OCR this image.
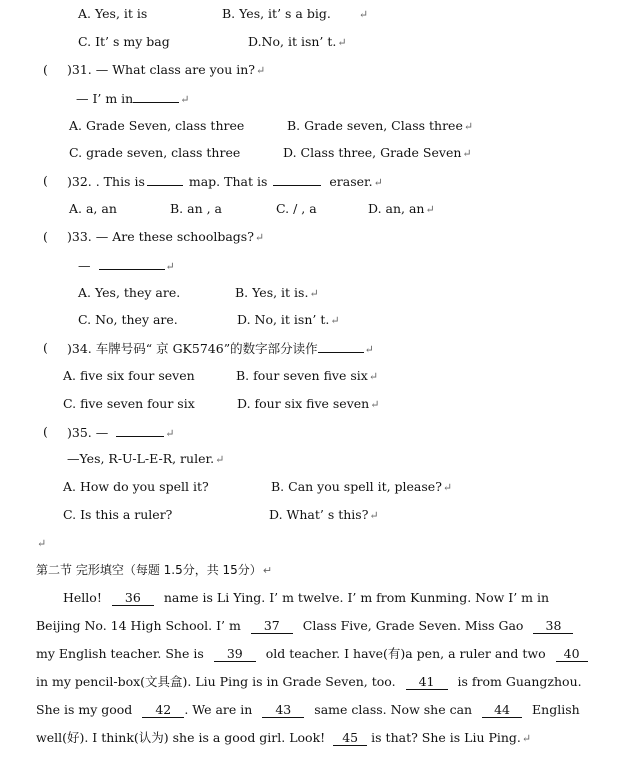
A. Yes, it is	B. Yes, it’ s a big.	↵
C. It’ s my bag	D.No, it isn’ t.↵
( )31. — What class are you in?↵
— I’ m in	↵
A. Grade Seven, class three	B. Grade seven, Class three↵
C. grade seven, class three	D. Class three, Grade Seven↵
( )32. . This is	map. That is	eraser.↵
A. a, an	B. an , a	C. / , a	D. an, an↵
( )33. — Are these schoolbags?↵
—	↵
A. Yes, they are.	B. Yes, it is.↵
C. No, they are.	D. No, it isn’ t.↵
( )34. 车牌号码“ 京 GK5746”的数字部分读作	↵
A. five six four seven	B. four seven five six↵
C. five seven four six	D. four six five seven↵
( )35. —	↵
—Yes, R-U-L-E-R, ruler.↵
A. How do you spell it?	B. Can you spell it, please?↵
C. Is this a ruler?	D. What’ s this?↵
↵
第二节 完形填空（每题 1.5分，共 15分）↵
Hello! 36 name is Li Ying. I’ m twelve. I’ m from Kunming. Now I’ m in
Beijing No. 14 High School. I’ m 37 Class Five, Grade Seven. Miss Gao 38
my English teacher. She is 39 old teacher. I have(有)a pen, a ruler and two 40
in my pencil-box(文具盒). Liu Ping is in Grade Seven, too. 41 is from Guangzhou.
She is my good 42 . We are in 43 same class. Now she can 44 English
well(好). I think(认为) she is a good girl. Look! 45 is that? She is Liu Ping.↵
